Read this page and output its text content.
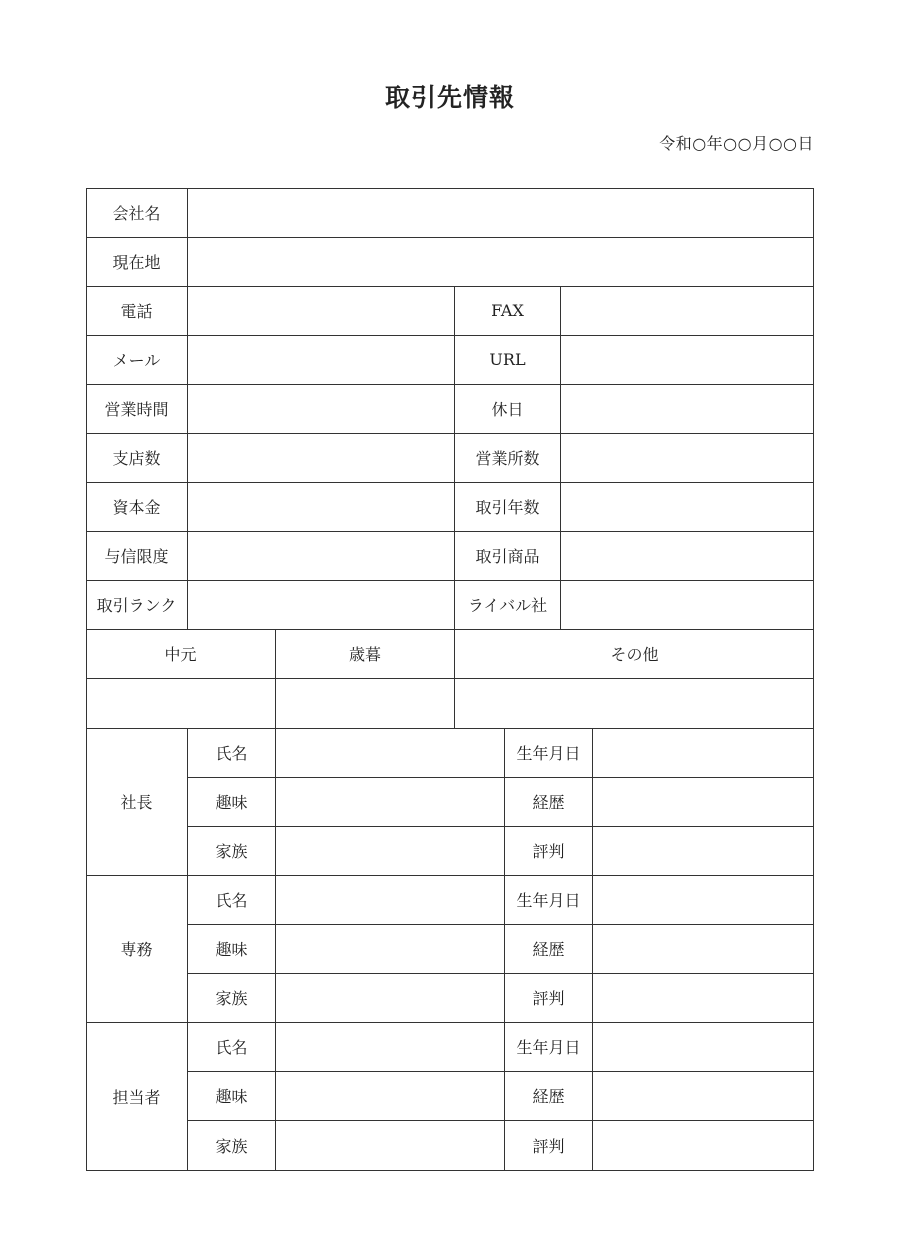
取引先情報
令和○年○○月○○日
会社名
現在地
電話	FAX
メール	URL
営業時間	休日
支店数	営業所数
資本金	取引年数
与信限度	取引商品
取引ランク	ライバル社
中元	歳暮	その他
社長
氏名	生年月日
趣味	経歴
家族	評判
専務
氏名	生年月日
趣味	経歴
家族	評判
担当者
氏名	生年月日
趣味	経歴
家族	評判
